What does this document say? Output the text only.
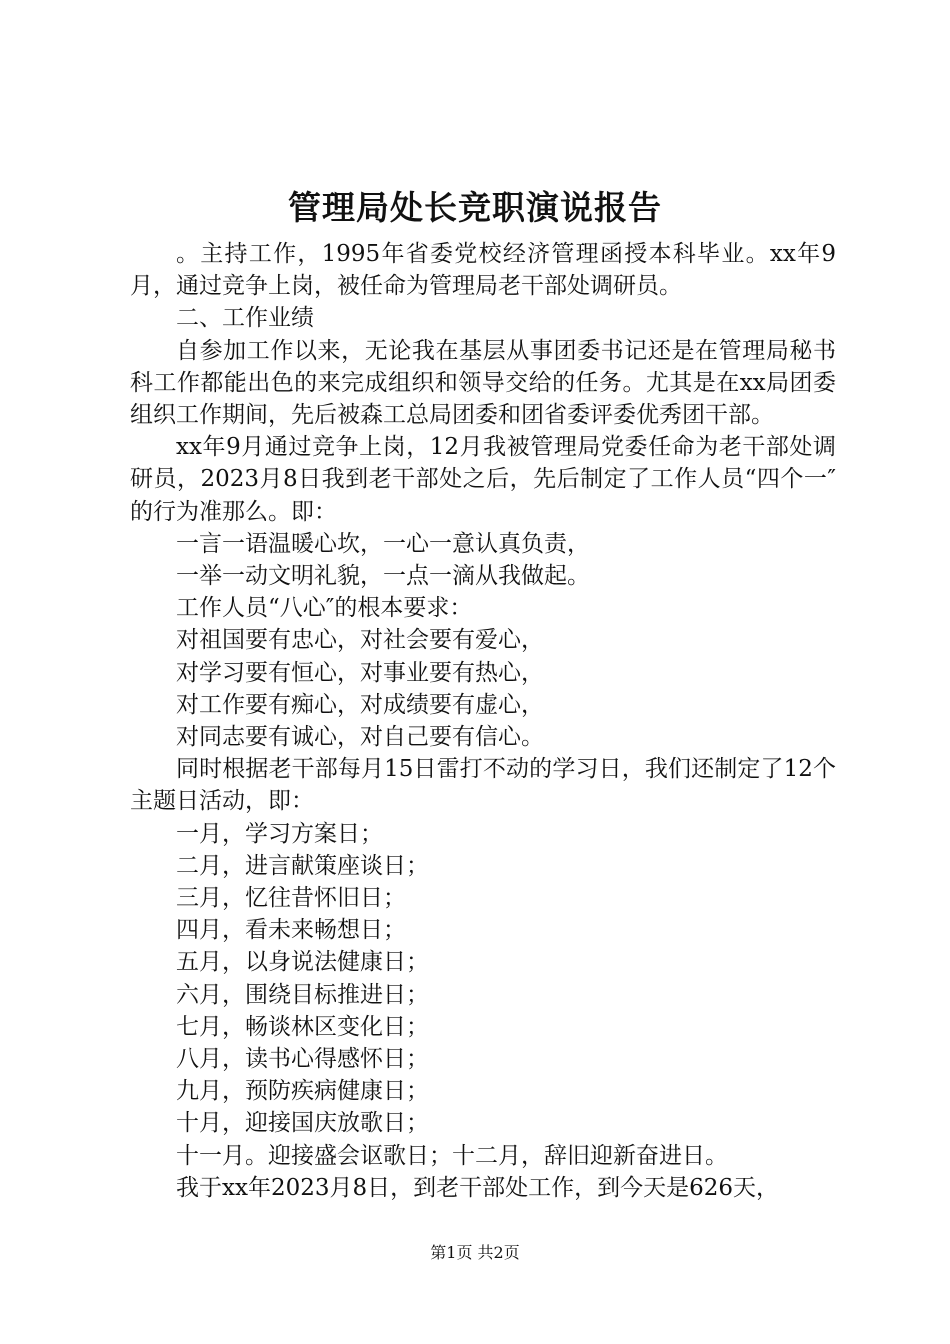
管理局处长竞职演说报告

。主持工作，1995年省委党校经济管理函授本科毕业。xx年9月，通过竞争上岗，被任命为管理局老干部处调研员。

二、工作业绩

自参加工作以来，无论我在基层从事团委书记还是在管理局秘书科工作都能出色的来完成组织和领导交给的任务。尤其是在xx局团委组织工作期间，先后被森工总局团委和团省委评委优秀团干部。

xx年9月通过竞争上岗，12月我被管理局党委任命为老干部处调研员，2023月8日我到老干部处之后，先后制定了工作人员“四个一″的行为准那么。即：

一言一语温暖心坎，一心一意认真负责，

一举一动文明礼貌，一点一滴从我做起。

工作人员“八心″的根本要求：

对祖国要有忠心，对社会要有爱心，

对学习要有恒心，对事业要有热心，

对工作要有痴心，对成绩要有虚心，

对同志要有诚心，对自己要有信心。

同时根据老干部每月15日雷打不动的学习日，我们还制定了12个主题日活动，即：

一月，学习方案日；

二月，进言献策座谈日；

三月，忆往昔怀旧日；

四月，看未来畅想日；

五月，以身说法健康日；

六月，围绕目标推进日；

七月，畅谈林区变化日；

八月，读书心得感怀日；

九月，预防疾病健康日；

十月，迎接国庆放歌日；

十一月。迎接盛会讴歌日；十二月，辞旧迎新奋进日。

我于xx年2023月8日，到老干部处工作，到今天是626天，

第1页 共2页
